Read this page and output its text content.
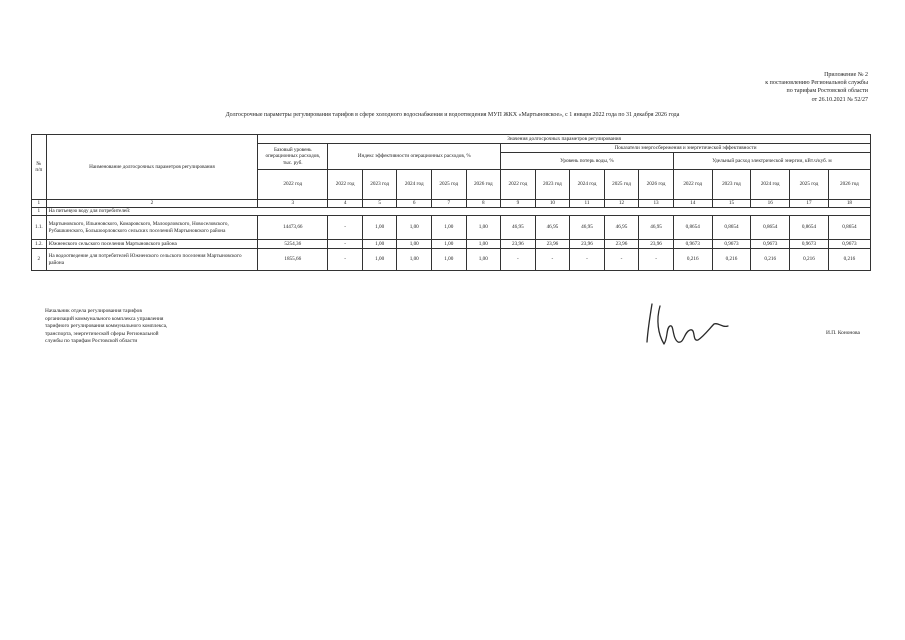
Приложение № 2
к постановлению Региональной службы
по тарифам Ростовской области
от 26.10.2021 № 52/27
Долгосрочные параметры регулирования тарифов в сфере холодного водоснабжения и водоотведения МУП ЖКХ «Мартыновское», с 1 января 2022 года по 31 декабря 2026 года
№ п/п	Наименование долгосрочных параметров регулирования	Значения долгосрочных параметров регулирования															
		Базовый уровень операционных расходов, тыс. руб.	Индекс эффективности операционных расходов, %					Показатели энергосбережения и энергетической эффективности									
								Уровень потерь воды, %					Удельный расход электрической энергии, кВт.ч/куб. м				
		2022 год	2022 год	2023 год	2024 год	2025 год	2026 год	2022 год	2023 год	2024 год	2025 год	2026 год	2022 год	2023 год	2024 год	2025 год	2026 год
1	2	3	4	5	6	7	8	9	10	11	12	13	14	15	16	17	18
1	На питьевую воду для потребителей:																
1.1.	Мартыновского, Ильиновского, Комаровского, Малоорловского, Новоселовского, Рубашкинского, Большоорловского сельских поселений Мартыновского района	14473,66	-	1,00	1,00	1,00	1,00	46,95	46,95	46,95	46,95	46,95	0,8654	0,8654	0,8654	0,8654	0,8654
1.2.	Южненского сельского поселения Мартыновского района	5254,36	-	1,00	1,00	1,00	1,00	23,96	23,96	23,96	23,96	23,96	0,9673	0,9673	0,9673	0,9673	0,9673
2	На водоотведение для потребителей Южненского сельского поселения Мартыновского района	1855,66	-	1,00	1,00	1,00	1,00	-	-	-	-	-	0,216	0,216	0,216	0,216	0,216
Начальник отдела регулирования тарифов
организаций коммунального комплекса управления
тарифного регулирования коммунального комплекса,
транспорта, энергетической сферы Региональной
службы по тарифам Ростовской области
И.П. Кононова
